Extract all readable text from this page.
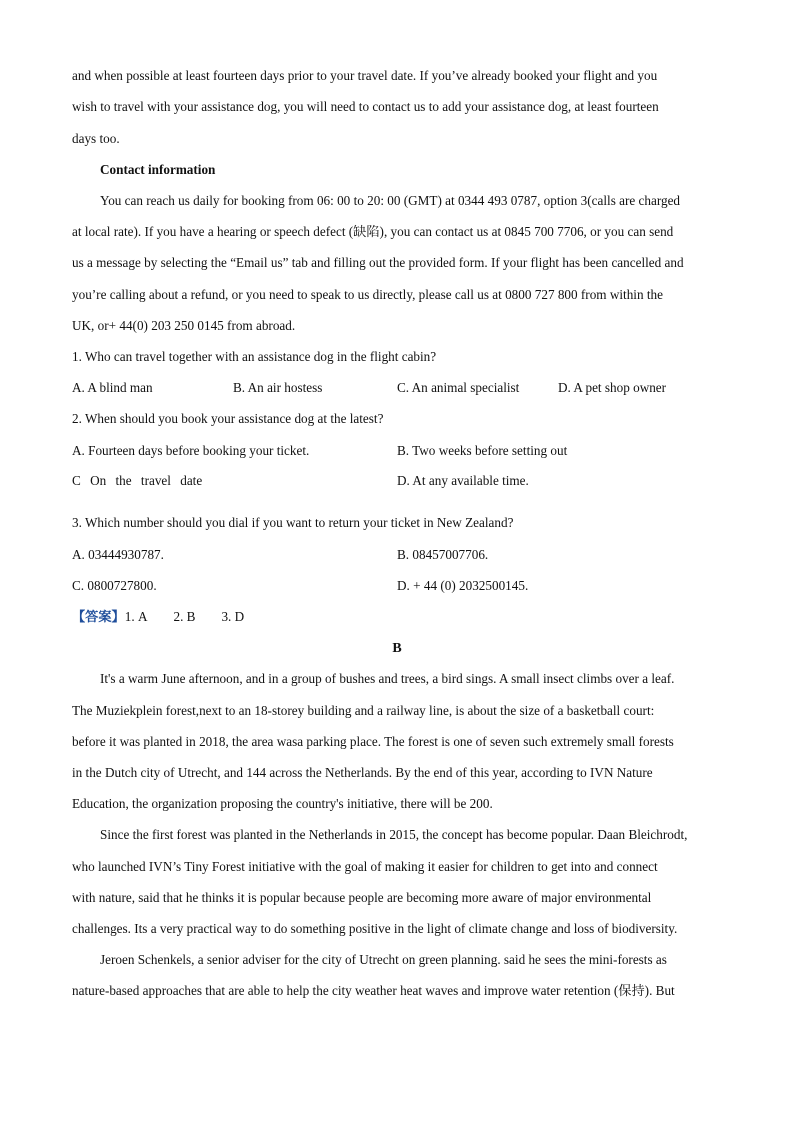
and when possible at least fourteen days prior to your travel date. If you’ve already booked your flight and you
wish to travel with your assistance dog, you will need to contact us to add your assistance dog, at least fourteen
days too.
Contact information
You can reach us daily for booking from 06: 00 to 20: 00 (GMT) at 0344 493 0787, option 3(calls are charged
at local rate). If you have a hearing or speech defect (缺陷), you can contact us at 0845 700 7706, or you can send
us a message by selecting the “Email us” tab and filling out the provided form. If your flight has been cancelled and
you’re calling about a refund, or you need to speak to us directly, please call us at 0800 727 800 from within the
UK, or+ 44(0) 203 250 0145 from abroad.
1. Who can travel together with an assistance dog in the flight cabin?
A. A blind man	B. An air hostess	C. An animal specialist	D. A pet shop owner
2. When should you book your assistance dog at the latest?
A. Fourteen days before booking your ticket.	B. Two weeks before setting out
C On the travel date	D. At any available time.
3. Which number should you dial if you want to return your ticket in New Zealand?
A. 03444930787.	B. 08457007706.
C. 0800727800.	D. + 44 (0) 2032500145.
【答案】1. A 2. B 3. D
B
It's a warm June afternoon, and in a group of bushes and trees, a bird sings. A small insect climbs over a leaf.
The Muziekplein forest,next to an 18-storey building and a railway line, is about the size of a basketball court:
before it was planted in 2018, the area wasa parking place. The forest is one of seven such extremely small forests
in the Dutch city of Utrecht, and 144 across the Netherlands. By the end of this year, according to IVN Nature
Education, the organization proposing the country's initiative, there will be 200.
Since the first forest was planted in the Netherlands in 2015, the concept has become popular. Daan Bleichrodt,
who launched IVN’s Tiny Forest initiative with the goal of making it easier for children to get into and connect
with nature, said that he thinks it is popular because people are becoming more aware of major environmental
challenges. Its a very practical way to do something positive in the light of climate change and loss of biodiversity.
Jeroen Schenkels, a senior adviser for the city of Utrecht on green planning. said he sees the mini-forests as
nature-based approaches that are able to help the city weather heat waves and improve water retention (保持). But
